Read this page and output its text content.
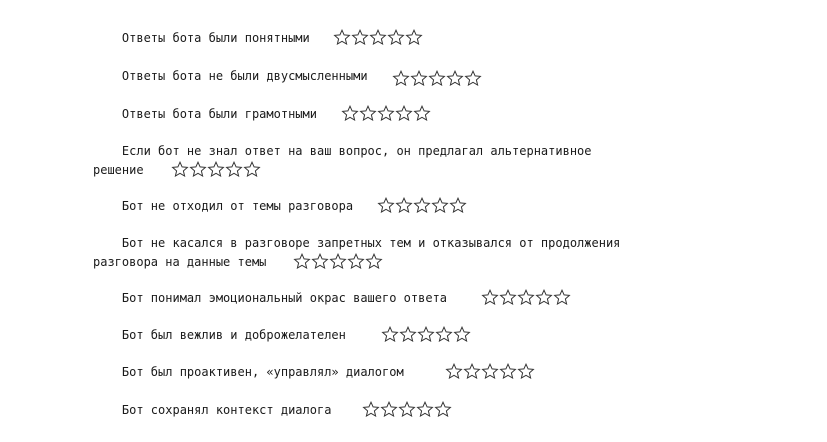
Ответы бота были понятными

Ответы бота не были двусмысленными

Ответы бота были грамотными

Если бот не знал ответ на ваш вопрос, он предлагал альтернативное решение

Бот не отходил от темы разговора

Бот не касался в разговоре запретных тем и отказывался от продолжения разговора на данные темы

Бот понимал эмоциональный окрас вашего ответа

Бот был вежлив и доброжелателен

Бот был проактивен, «управлял» диалогом

Бот сохранял контекст диалога
